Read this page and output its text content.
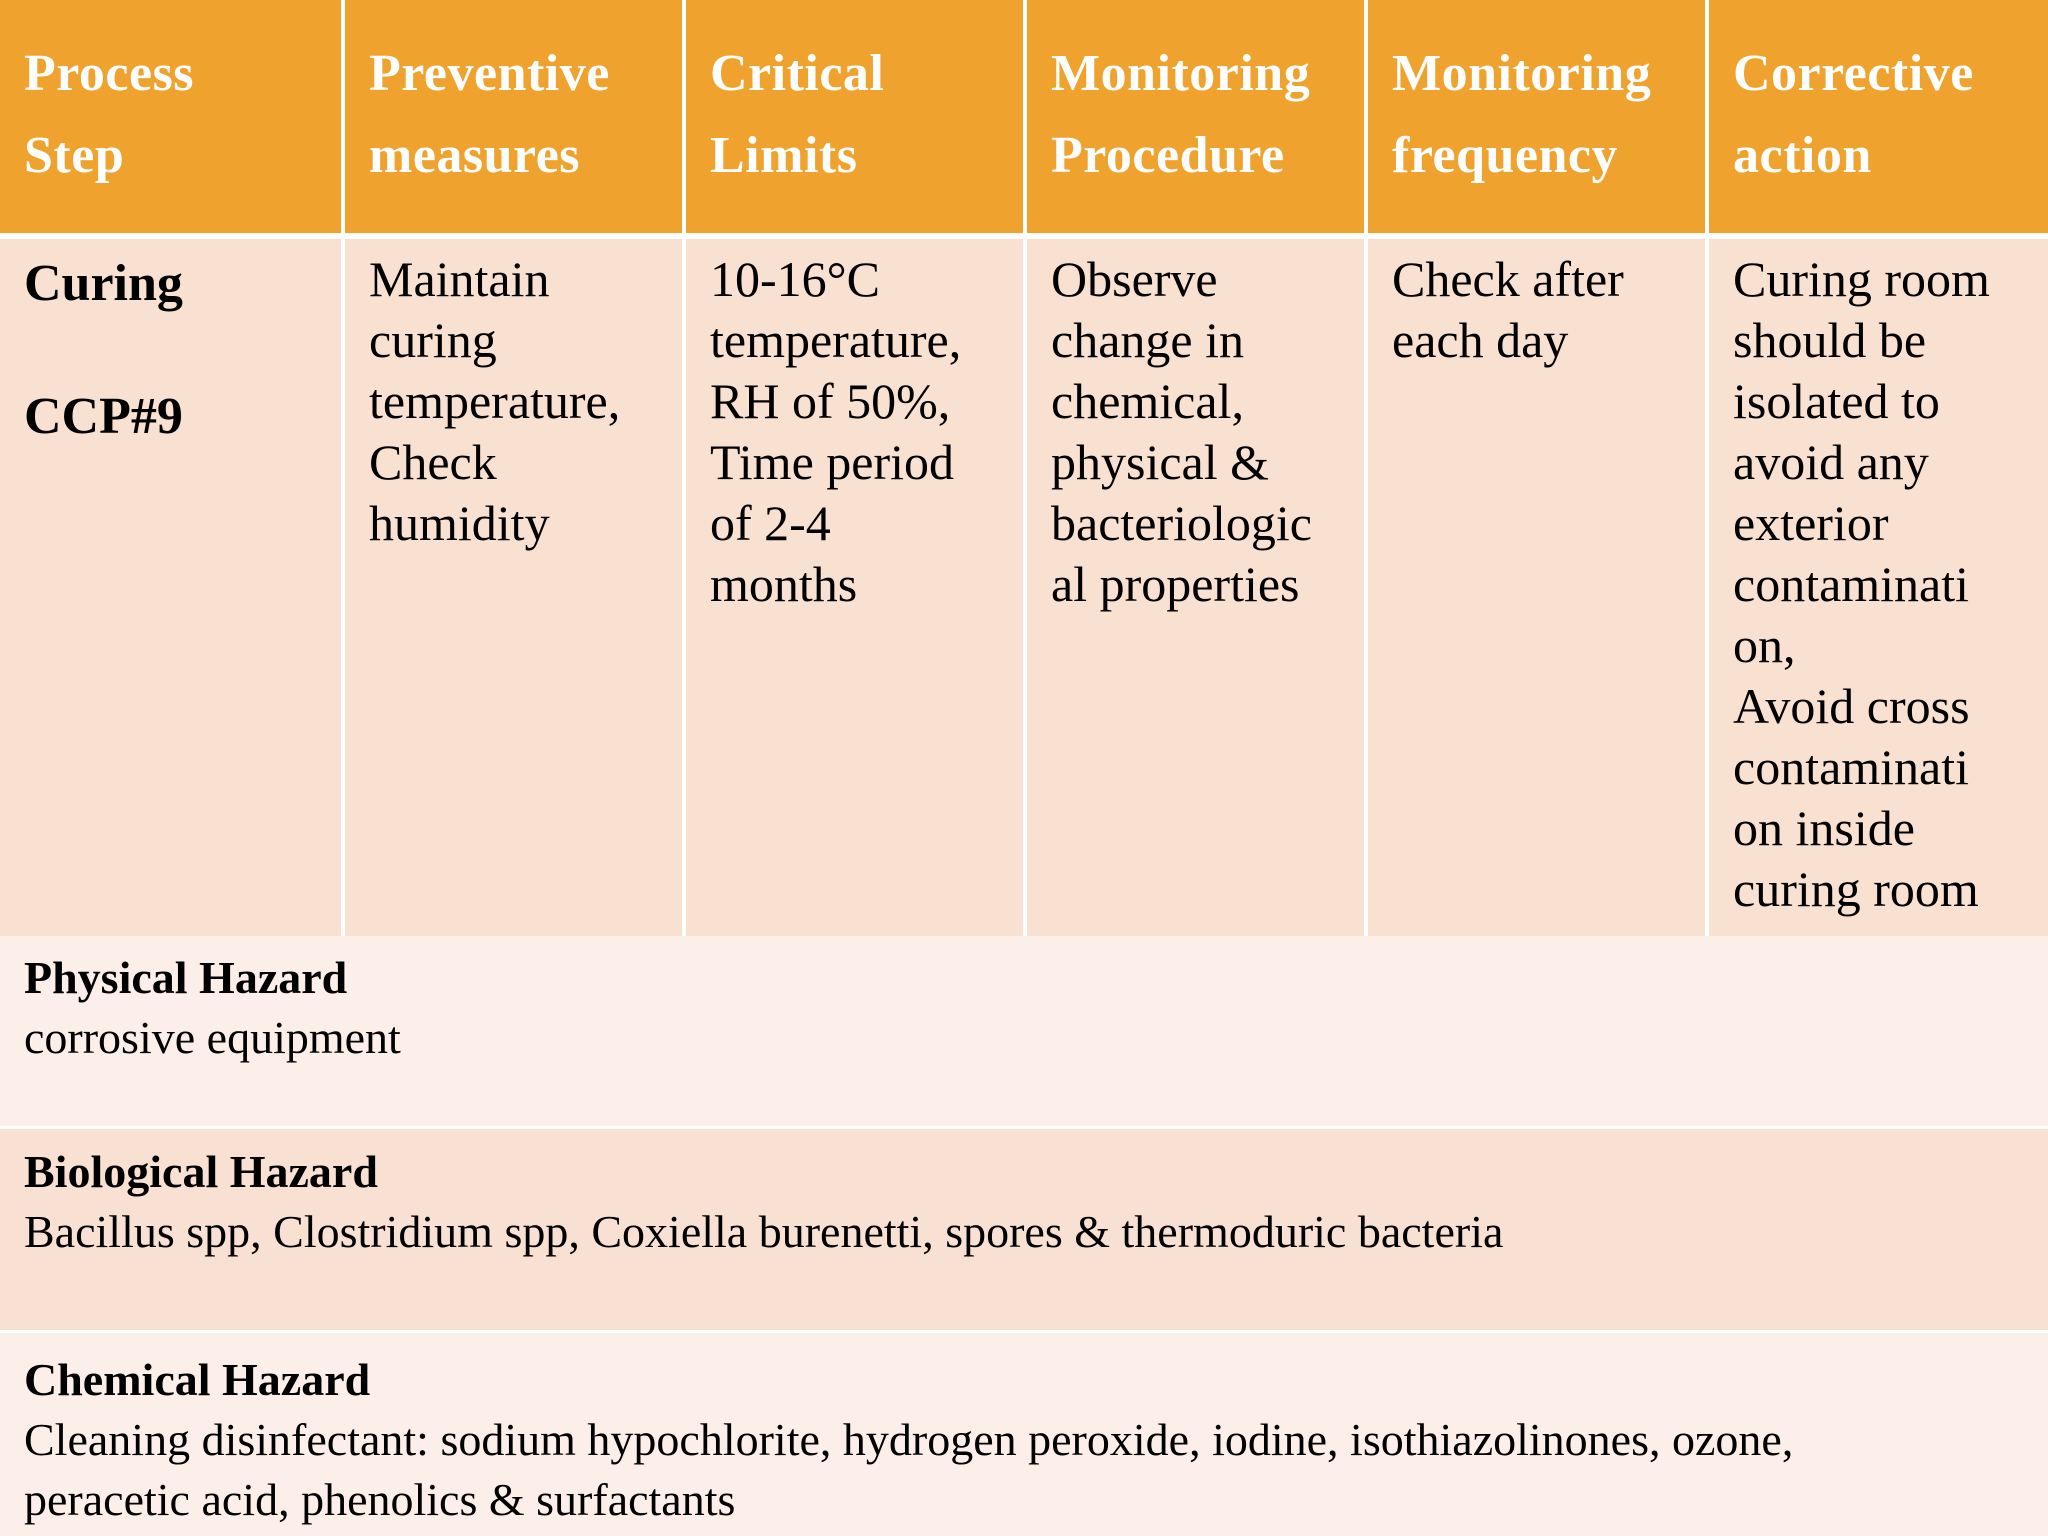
Process
Step
Preventive
measures
Critical
Limits
Monitoring
Procedure
Monitoring
frequency
Corrective
action
Curing
CCP#9
Maintain
curing
temperature,
Check
humidity
10-16°C
temperature,
RH of 50%,
Time period
of 2-4
months
Observe
change in
chemical,
physical &
bacteriologic
al properties
Check after
each day
Curing room
should be
isolated to
avoid any
exterior
contaminati
on,
Avoid cross
contaminati
on inside
curing room
Physical Hazard
corrosive equipment
Biological Hazard
Bacillus spp, Clostridium spp, Coxiella burenetti, spores & thermoduric bacteria
Chemical Hazard
Cleaning disinfectant: sodium hypochlorite, hydrogen peroxide, iodine, isothiazolinones, ozone,
peracetic acid, phenolics & surfactants
